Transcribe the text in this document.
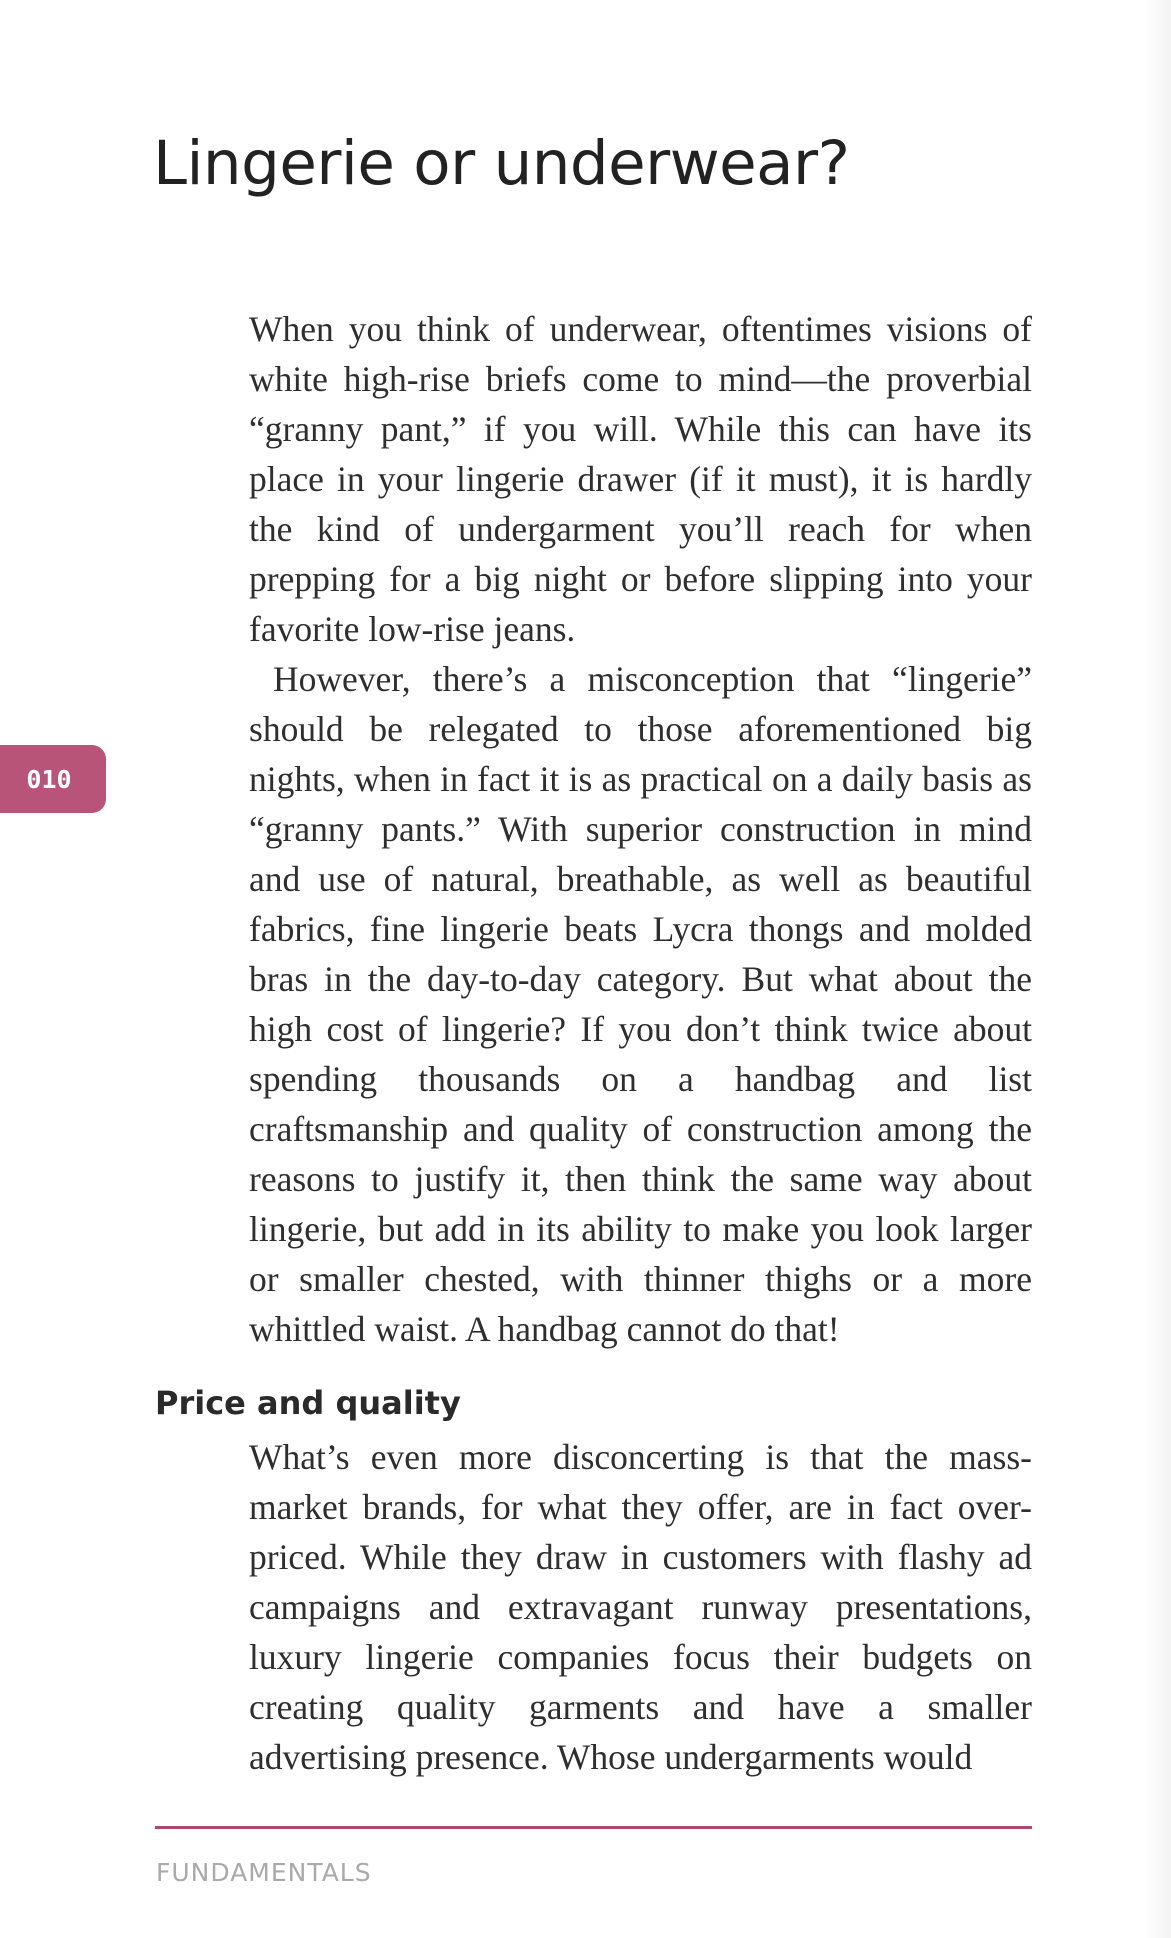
Lingerie or underwear?

When you think of underwear, oftentimes visions of white high-rise briefs come to mind—the proverbial “granny pant,” if you will. While this can have its place in your lingerie drawer (if it must), it is hardly the kind of undergarment you’ll reach for when prepping for a big night or before slipping into your favorite low-rise jeans.

However, there’s a misconception that “lingerie” should be relegated to those aforementioned big nights, when in fact it is as practical on a daily basis as “granny pants.” With superior construction in mind and use of natural, breathable, as well as beautiful fabrics, fine lingerie beats Lycra thongs and molded bras in the day-to-day category. But what about the high cost of lingerie? If you don’t think twice about spending thousands on a handbag and list craftsmanship and quality of construction among the reasons to justify it, then think the same way about lingerie, but add in its ability to make you look larger or smaller chested, with thinner thighs or a more whittled waist. A handbag cannot do that!

010
Price and quality

What’s even more disconcerting is that the mass-market brands, for what they offer, are in fact over-priced. While they draw in customers with flashy ad campaigns and extravagant runway presentations, luxury lingerie companies focus their budgets on creating quality garments and have a smaller advertising presence. Whose undergarments would

FUNDAMENTALS
